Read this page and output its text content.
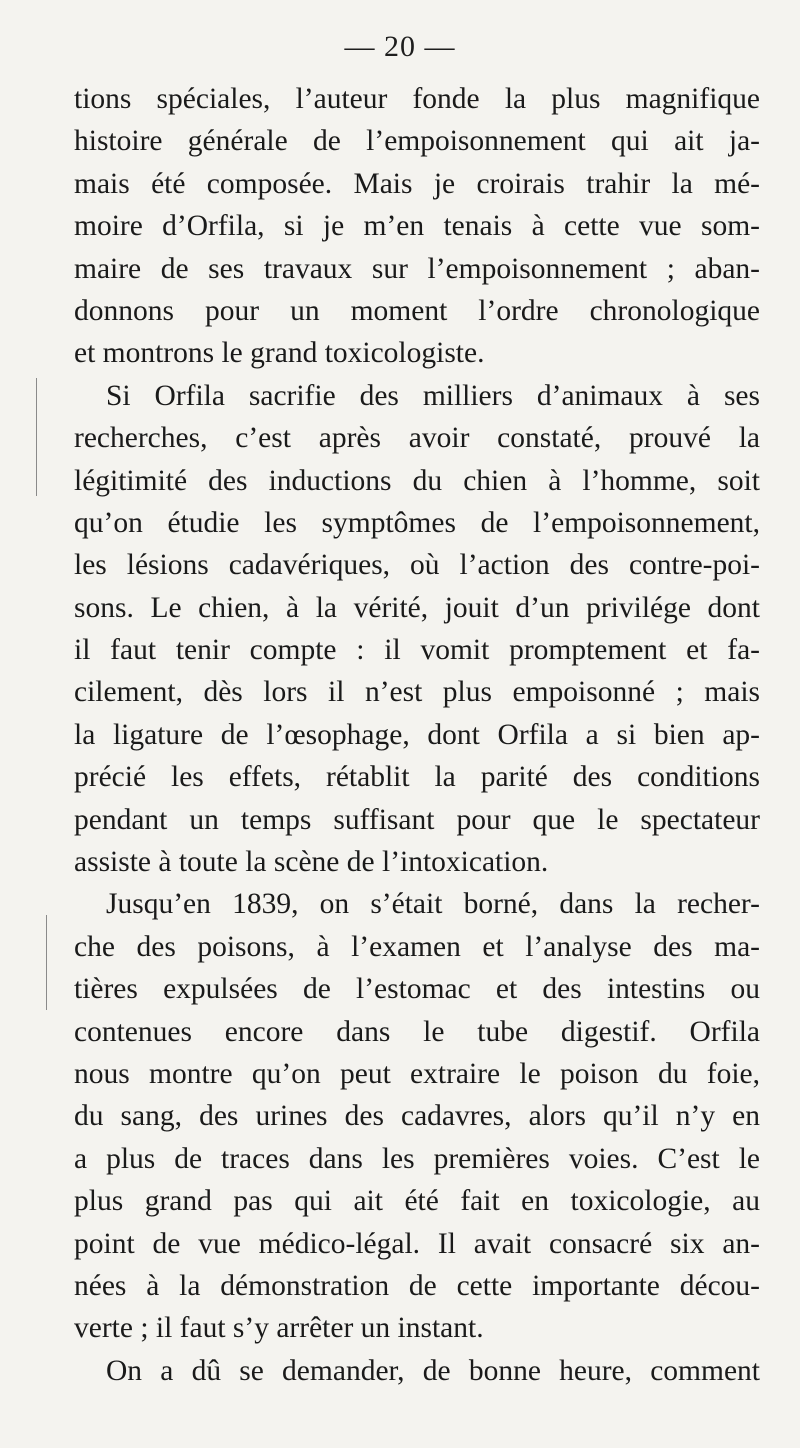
— 20 —
tions spéciales, l’auteur fonde la plus magnifique
histoire générale de l’empoisonnement qui ait ja-
mais été composée. Mais je croirais trahir la mé-
moire d’Orfila, si je m’en tenais à cette vue som-
maire de ses travaux sur l’empoisonnement ; aban-
donnons pour un moment l’ordre chronologique
et montrons le grand toxicologiste.
Si Orfila sacrifie des milliers d’animaux à ses
recherches, c’est après avoir constaté, prouvé la
légitimité des inductions du chien à l’homme, soit
qu’on étudie les symptômes de l’empoisonnement,
les lésions cadavériques, où l’action des contre-poi-
sons. Le chien, à la vérité, jouit d’un privilége dont
il faut tenir compte : il vomit promptement et fa-
cilement, dès lors il n’est plus empoisonné ; mais
la ligature de l’œsophage, dont Orfila a si bien ap-
précié les effets, rétablit la parité des conditions
pendant un temps suffisant pour que le spectateur
assiste à toute la scène de l’intoxication.
Jusqu’en 1839, on s’était borné, dans la recher-
che des poisons, à l’examen et l’analyse des ma-
tières expulsées de l’estomac et des intestins ou
contenues encore dans le tube digestif. Orfila
nous montre qu’on peut extraire le poison du foie,
du sang, des urines des cadavres, alors qu’il n’y en
a plus de traces dans les premières voies. C’est le
plus grand pas qui ait été fait en toxicologie, au
point de vue médico-légal. Il avait consacré six an-
nées à la démonstration de cette importante décou-
verte ; il faut s’y arrêter un instant.
On a dû se demander, de bonne heure, comment
